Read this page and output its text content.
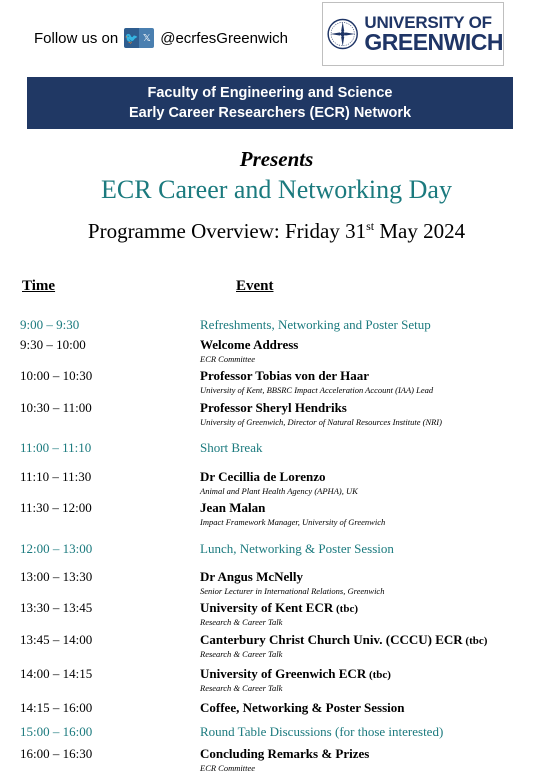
Follow us on 🐦 𝕏 @ecrfesGreenwich
UNIVERSITY OF
GREENWICH
Faculty of Engineering and Science
Early Career Researchers (ECR) Network
Presents
ECR Career and Networking Day
Programme Overview: Friday 31st May 2024
Time	Event
9:00 – 9:30	Refreshments, Networking and Poster Setup
9:30 – 10:00	Welcome Address
ECR Committee
10:00 – 10:30	Professor Tobias von der Haar
University of Kent, BBSRC Impact Acceleration Account (IAA) Lead
10:30 – 11:00	Professor Sheryl Hendriks
University of Greenwich, Director of Natural Resources Institute (NRI)
11:00 – 11:10	Short Break
11:10 – 11:30	Dr Cecillia de Lorenzo
Animal and Plant Health Agency (APHA), UK
11:30 – 12:00	Jean Malan
Impact Framework Manager, University of Greenwich
12:00 – 13:00	Lunch, Networking & Poster Session
13:00 – 13:30	Dr Angus McNelly
Senior Lecturer in International Relations, Greenwich
13:30 – 13:45	University of Kent ECR (tbc)
Research & Career Talk
13:45 – 14:00	Canterbury Christ Church Univ. (CCCU) ECR (tbc)
Research & Career Talk
14:00 – 14:15	University of Greenwich ECR (tbc)
Research & Career Talk
14:15 – 16:00	Coffee, Networking & Poster Session
15:00 – 16:00	Round Table Discussions (for those interested)
16:00 – 16:30	Concluding Remarks & Prizes
ECR Committee
